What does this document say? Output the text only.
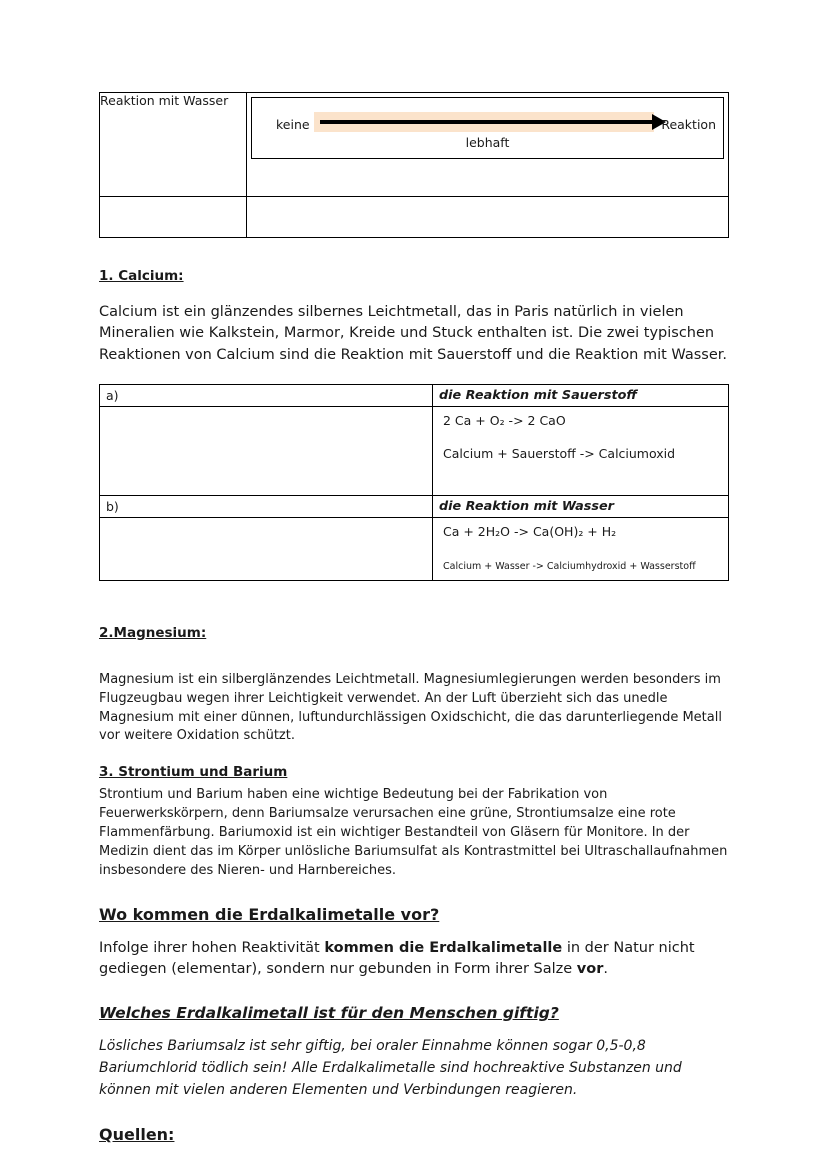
Reaktion mit Wasser	keine Reaktion
lebhaft

1. Calcium:

Calcium ist ein glänzendes silbernes Leichtmetall, das in Paris natürlich in vielen Mineralien wie Kalkstein, Marmor, Kreide und Stuck enthalten ist. Die zwei typischen Reaktionen von Calcium sind die Reaktion mit Sauerstoff und die Reaktion mit Wasser.

a)	die Reaktion mit Sauerstoff

	2 Ca + O₂ -> 2 CaO
Calcium + Sauerstoff -> Calciumoxid

b)	die Reaktion mit Wasser

	Ca + 2H₂O -> Ca(OH)₂ + H₂
Calcium + Wasser -> Calciumhydroxid + Wasserstoff
2.Magnesium:

Magnesium ist ein silberglänzendes Leichtmetall. Magnesiumlegierungen werden besonders im Flugzeugbau wegen ihrer Leichtigkeit verwendet. An der Luft überzieht sich das unedle Magnesium mit einer dünnen, luftundurchlässigen Oxidschicht, die das darunterliegende Metall vor weitere Oxidation schützt.

3. Strontium und Barium

Strontium und Barium haben eine wichtige Bedeutung bei der Fabrikation von Feuerwerkskörpern, denn Bariumsalze verursachen eine grüne, Strontiumsalze eine rote Flammenfärbung. Bariumoxid ist ein wichtiger Bestandteil von Gläsern für Monitore. In der Medizin dient das im Körper unlösliche Bariumsulfat als Kontrastmittel bei Ultraschallaufnahmen insbesondere des Nieren- und Harnbereiches.

Wo kommen die Erdalkalimetalle vor?

Infolge ihrer hohen Reaktivität kommen die Erdalkalimetalle in der Natur nicht gediegen (elementar), sondern nur gebunden in Form ihrer Salze vor.

Welches Erdalkalimetall ist für den Menschen giftig?

Lösliches Bariumsalz ist sehr giftig, bei oraler Einnahme können sogar 0,5-0,8 Bariumchlorid tödlich sein! Alle Erdalkalimetalle sind hochreaktive Substanzen und können mit vielen anderen Elementen und Verbindungen reagieren.

Quellen:
